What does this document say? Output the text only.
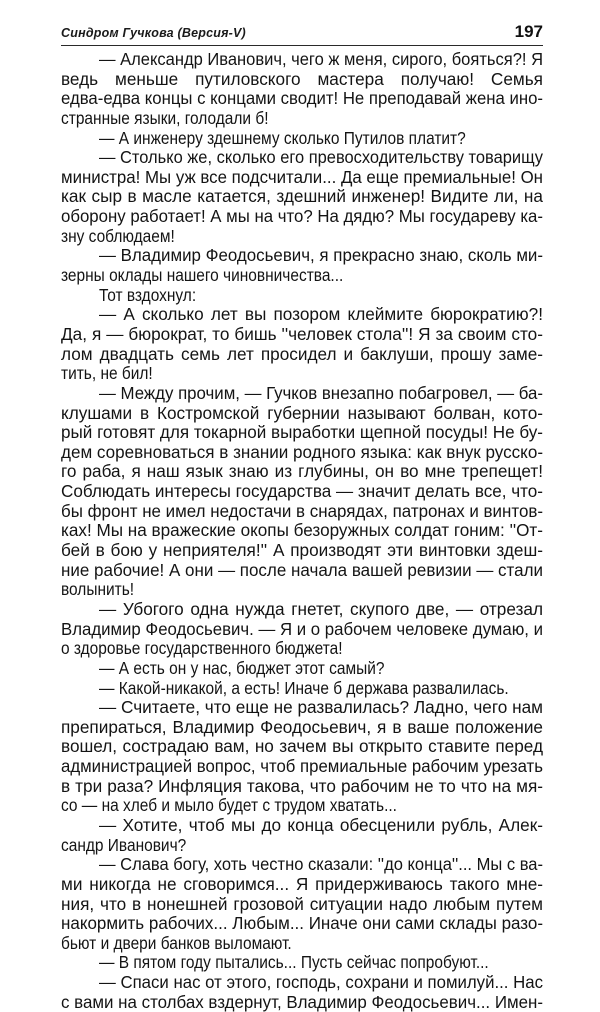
Синдром Гучкова (Версия-V)	197
— Александр Иванович, чего ж меня, сирого, бояться?! Я
ведь меньше путиловского мастера получаю! Семья
едва-едва концы с концами сводит! Не преподавай жена ино-
странные языки, голодали б!
— А инженеру здешнему сколько Путилов платит?
— Столько же, сколько его превосходительству товарищу
министра! Мы уж все подсчитали... Да еще премиальные! Он
как сыр в масле катается, здешний инженер! Видите ли, на
оборону работает! А мы на что? На дядю? Мы государеву ка-
зну соблюдаем!
— Владимир Феодосьевич, я прекрасно знаю, сколь ми-
зерны оклады нашего чиновничества...
Тот вздохнул:
— А сколько лет вы позором клеймите бюрократию?!
Да, я — бюрократ, то бишь ''человек стола''! Я за своим сто-
лом двадцать семь лет просидел и баклуши, прошу заме-
тить, не бил!
— Между прочим, — Гучков внезапно побагровел, — ба-
клушами в Костромской губернии называют болван, кото-
рый готовят для токарной выработки щепной посуды! Не бу-
дем соревноваться в знании родного языка: как внук русско-
го раба, я наш язык знаю из глубины, он во мне трепещет!
Соблюдать интересы государства — значит делать все, что-
бы фронт не имел недостачи в снарядах, патронах и винтов-
ках! Мы на вражеские окопы безоружных солдат гоним: ''От-
бей в бою у неприятеля!'' А производят эти винтовки здеш-
ние рабочие! А они — после начала вашей ревизии — стали
волынить!
— Убогого одна нужда гнетет, скупого две, — отрезал
Владимир Феодосьевич. — Я и о рабочем человеке думаю, и
о здоровье государственного бюджета!
— А есть он у нас, бюджет этот самый?
— Какой-никакой, а есть! Иначе б держава развалилась.
— Считаете, что еще не развалилась? Ладно, чего нам
препираться, Владимир Феодосьевич, я в ваше положение
вошел, сострадаю вам, но зачем вы открыто ставите перед
администрацией вопрос, чтоб премиальные рабочим урезать
в три раза? Инфляция такова, что рабочим не то что на мя-
со — на хлеб и мыло будет с трудом хватать...
— Хотите, чтоб мы до конца обесценили рубль, Алек-
сандр Иванович?
— Слава богу, хоть честно сказали: ''до конца''... Мы с ва-
ми никогда не сговоримся... Я придерживаюсь такого мне-
ния, что в нонешней грозовой ситуации надо любым путем
накормить рабочих... Любым... Иначе они сами склады разо-
бьют и двери банков выломают.
— В пятом году пытались... Пусть сейчас попробуют...
— Спаси нас от этого, господь, сохрани и помилуй... Нас
с вами на столбах вздернут, Владимир Феодосьевич... Имен-
